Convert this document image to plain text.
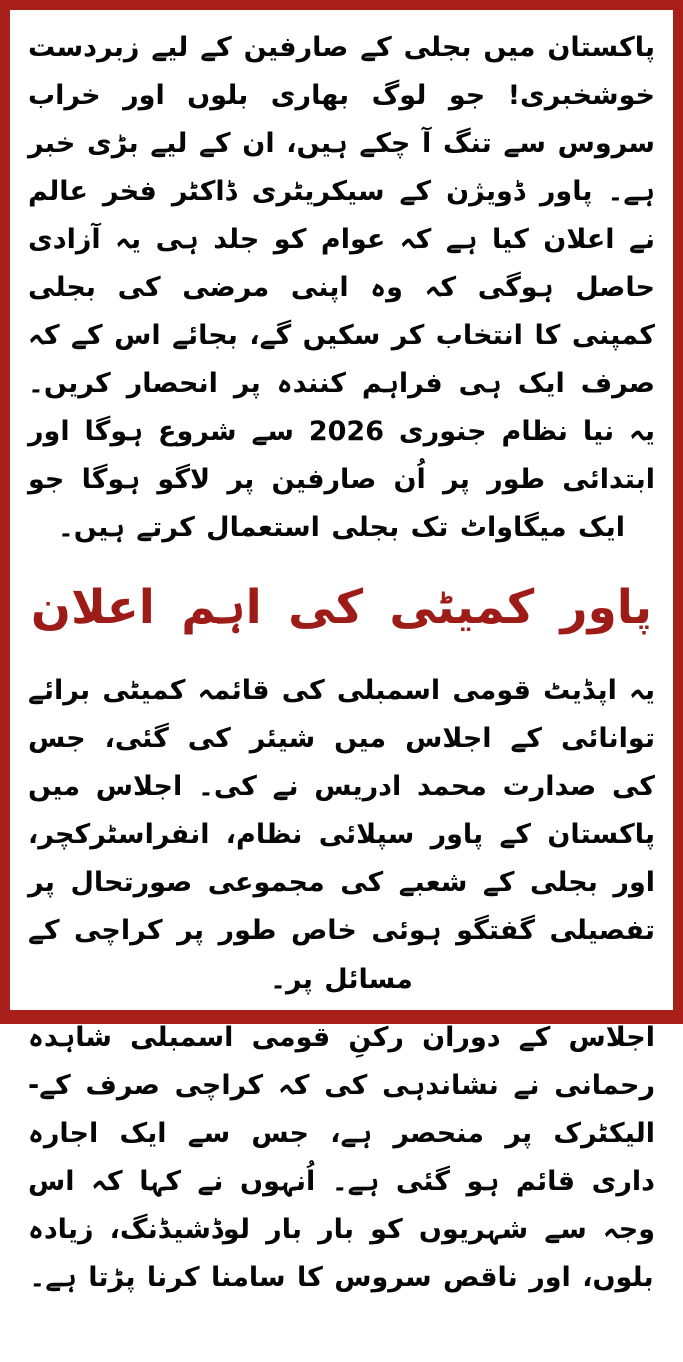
پاکستان میں بجلی کے صارفین کے لیے زبردست خوشخبری! جو لوگ بھاری بلوں اور خراب سروس سے تنگ آ چکے ہیں، ان کے لیے بڑی خبر ہے۔ پاور ڈویژن کے سیکریٹری ڈاکٹر فخر عالم نے اعلان کیا ہے کہ عوام کو جلد ہی یہ آزادی حاصل ہوگی کہ وہ اپنی مرضی کی بجلی کمپنی کا انتخاب کر سکیں گے، بجائے اس کے کہ صرف ایک ہی فراہم کنندہ پر انحصار کریں۔ یہ نیا نظام جنوری 2026 سے شروع ہوگا اور ابتدائی طور پر اُن صارفین پر لاگو ہوگا جو ایک میگاواٹ تک بجلی استعمال کرتے ہیں۔

پاور کمیٹی کی اہم اعلان

یہ اپڈیٹ قومی اسمبلی کی قائمہ کمیٹی برائے توانائی کے اجلاس میں شیئر کی گئی، جس کی صدارت محمد ادریس نے کی۔ اجلاس میں پاکستان کے پاور سپلائی نظام، انفراسٹرکچر، اور بجلی کے شعبے کی مجموعی صورتحال پر تفصیلی گفتگو ہوئی خاص طور پر کراچی کے مسائل پر۔

اجلاس کے دوران رکنِ قومی اسمبلی شاہدہ رحمانی نے نشاندہی کی کہ کراچی صرف کے-الیکٹرک پر منحصر ہے، جس سے ایک اجارہ داری قائم ہو گئی ہے۔ اُنہوں نے کہا کہ اس وجہ سے شہریوں کو بار بار لوڈشیڈنگ، زیادہ بلوں، اور ناقص سروس کا سامنا کرنا پڑتا ہے۔
